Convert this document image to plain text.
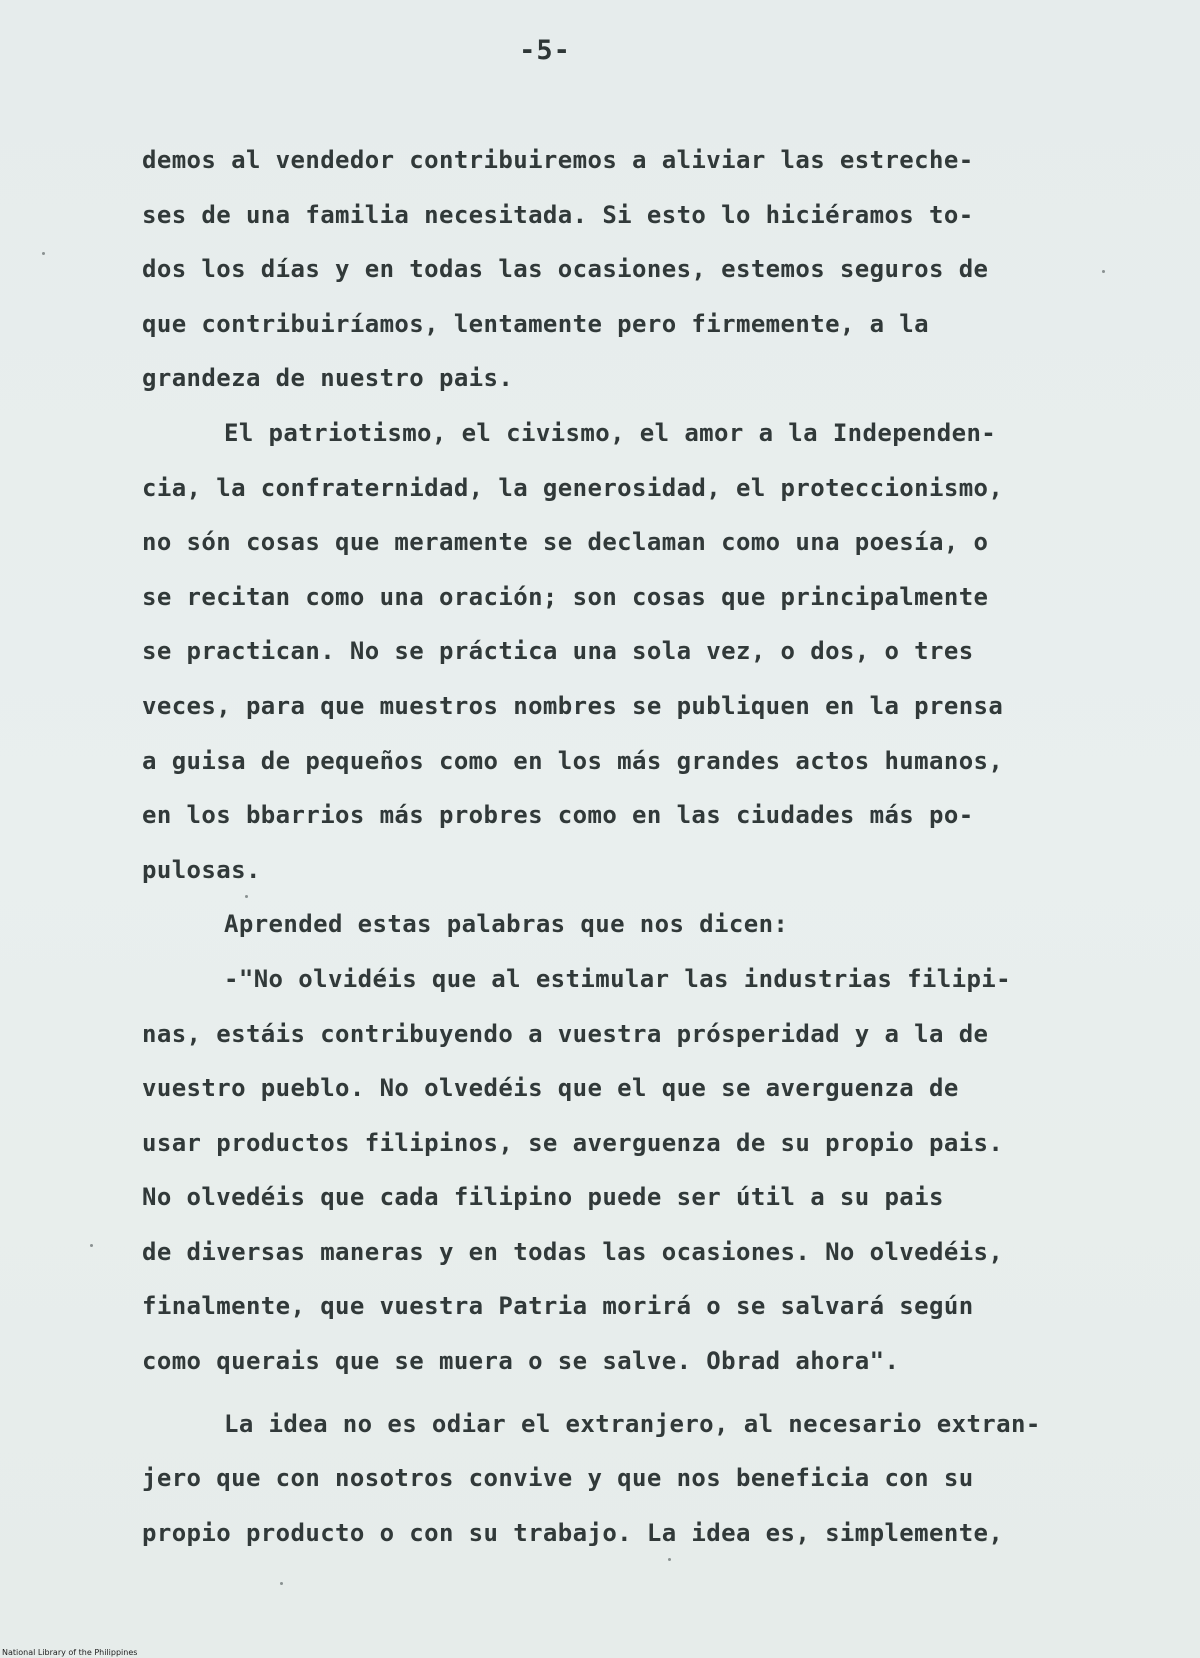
-5-
demos al vendedor contribuiremos a aliviar las estreche-
ses de una familia necesitada. Si esto lo hiciéramos to-
dos los días y en todas las ocasiones, estemos seguros de
que contribuiríamos, lentamente pero firmemente, a la
grandeza de nuestro pais.
El patriotismo, el civismo, el amor a la Independen-
cia, la confraternidad, la generosidad, el proteccionismo,
no són cosas que meramente se declaman como una poesía, o
se recitan como una oración; son cosas que principalmente
se practican. No se práctica una sola vez, o dos, o tres
veces, para que muestros nombres se publiquen en la prensa
a guisa de pequeños como en los más grandes actos humanos,
en los bbarrios más probres como en las ciudades más po-
pulosas.
Aprended estas palabras que nos dicen:
-"No olvidéis que al estimular las industrias filipi-
nas, estáis contribuyendo a vuestra prósperidad y a la de
vuestro pueblo. No olvedéis que el que se averguenza de
usar productos filipinos, se averguenza de su propio pais.
No olvedéis que cada filipino puede ser útil a su pais
de diversas maneras y en todas las ocasiones. No olvedéis,
finalmente, que vuestra Patria morirá o se salvará según
como querais que se muera o se salve. Obrad ahora".
La idea no es odiar el extranjero, al necesario extran-
jero que con nosotros convive y que nos beneficia con su
propio producto o con su trabajo. La idea es, simplemente,
National Library of the Philippines
